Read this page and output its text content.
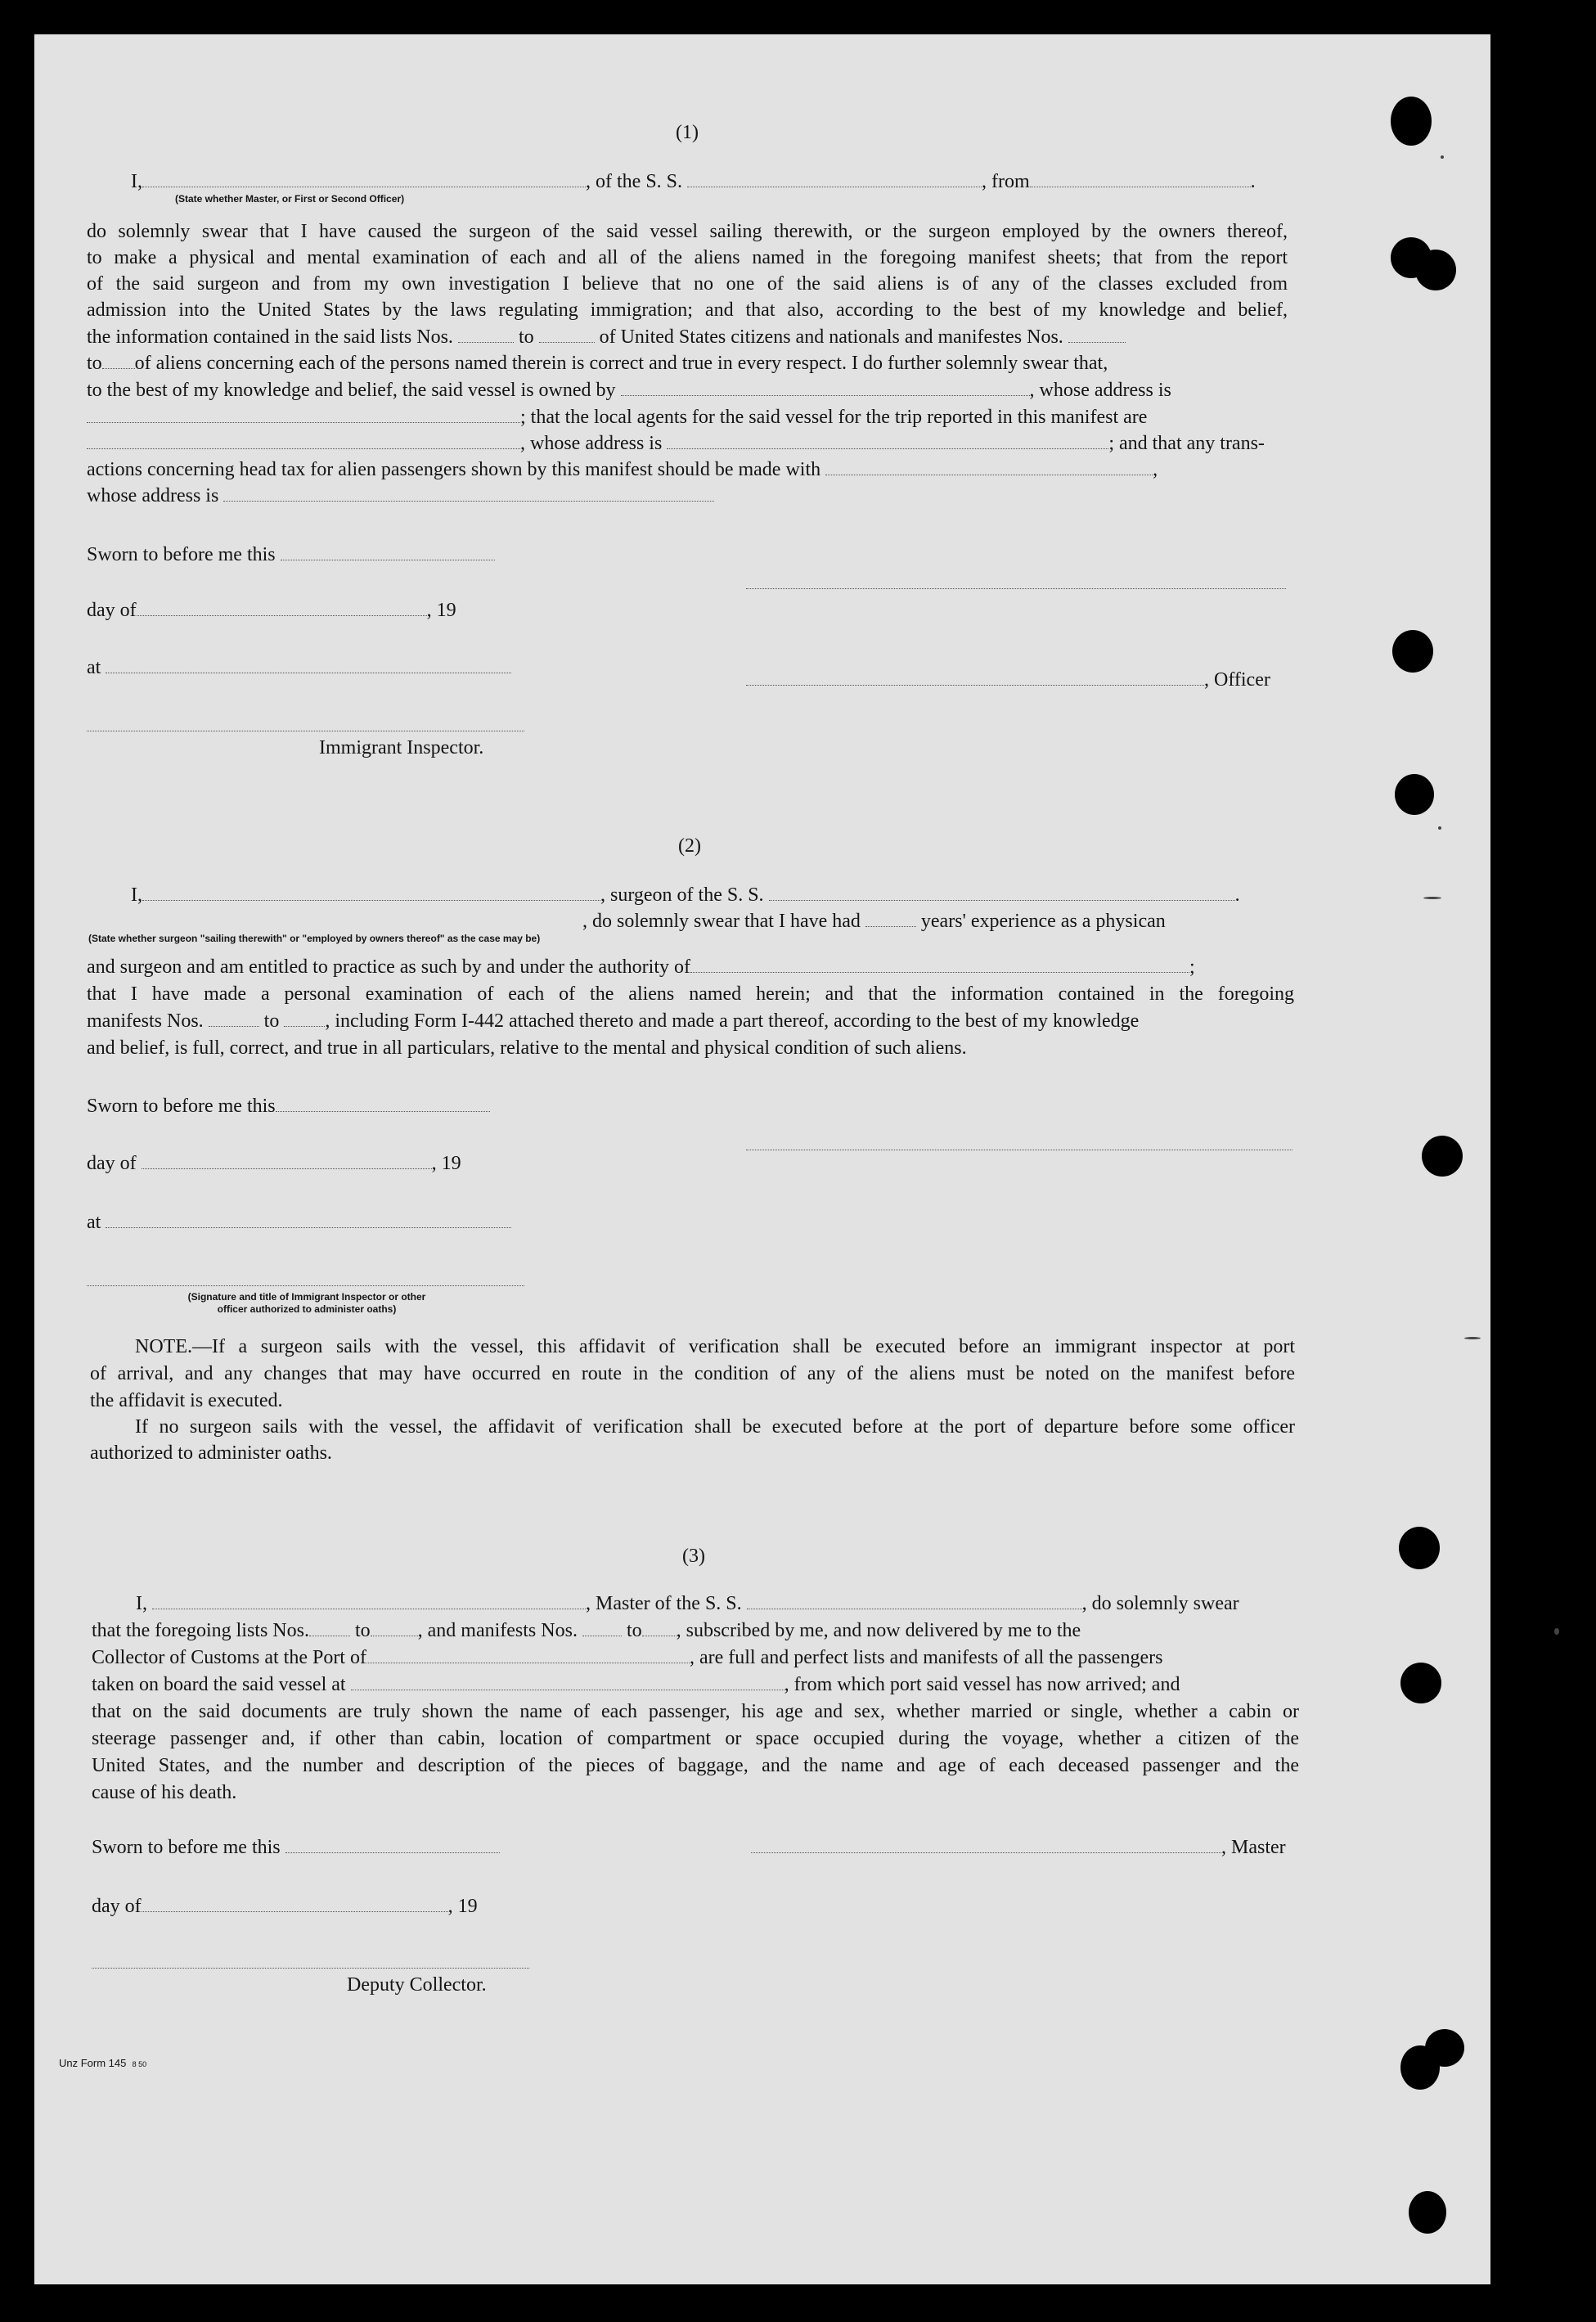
(1)
I,	, of the S. S.	, from	.
(State whether Master, or First or Second Officer)
do solemnly swear that I have caused the surgeon of the said vessel sailing therewith, or the surgeon employed by the owners thereof,
to make a physical and mental examination of each and all of the aliens named in the foregoing manifest sheets; that from the report
of the said surgeon and from my own investigation I believe that no one of the said aliens is of any of the classes excluded from
admission into the United States by the laws regulating immigration; and that also, according to the best of my knowledge and belief,
the information contained in the said lists Nos.	to	of United States citizens and nationals and manifestes Nos.
to of aliens concerning each of the persons named therein is correct and true in every respect. I do further solemnly swear that,
to the best of my knowledge and belief, the said vessel is owned by	, whose address is
; that the local agents for the said vessel for the trip reported in this manifest are
, whose address is	; and that any trans-
actions concerning head tax for alien passengers shown by this manifest should be made with	,
whose address is
Sworn to before me this
day of	, 19
at
, Officer
Immigrant Inspector.
(2)
I,	, surgeon of the S. S.	.
, do solemnly swear that I have had	years' experience as a physican
(State whether surgeon "sailing therewith" or "employed by owners thereof" as the case may be)
and surgeon and am entitled to practice as such by and under the authority of	;
that I have made a personal examination of each of the aliens named herein; and that the information contained in the foregoing
manifests Nos.	to , including Form I-442 attached thereto and made a part thereof, according to the best of my knowledge
and belief, is full, correct, and true in all particulars, relative to the mental and physical condition of such aliens.
Sworn to before me this
day of	, 19
at
(Signature and title of Immigrant Inspector or other
officer authorized to administer oaths)
NOTE.—If a surgeon sails with the vessel, this affidavit of verification shall be executed before an immigrant inspector at port
of arrival, and any changes that may have occurred en route in the condition of any of the aliens must be noted on the manifest before
the affidavit is executed.
If no surgeon sails with the vessel, the affidavit of verification shall be executed before at the port of departure before some officer
authorized to administer oaths.
(3)
I,	, Master of the S. S.	, do solemnly swear
that the foregoing lists Nos. to , and manifests Nos.	to , subscribed by me, and now delivered by me to the
Collector of Customs at the Port of	, are full and perfect lists and manifests of all the passengers
taken on board the said vessel at	, from which port said vessel has now arrived; and
that on the said documents are truly shown the name of each passenger, his age and sex, whether married or single, whether a cabin or
steerage passenger and, if other than cabin, location of compartment or space occupied during the voyage, whether a citizen of the
United States, and the number and description of the pieces of baggage, and the name and age of each deceased passenger and the
cause of his death.
Sworn to before me this	, Master
day of	, 19
Deputy Collector.
Unz Form 145 8 50
